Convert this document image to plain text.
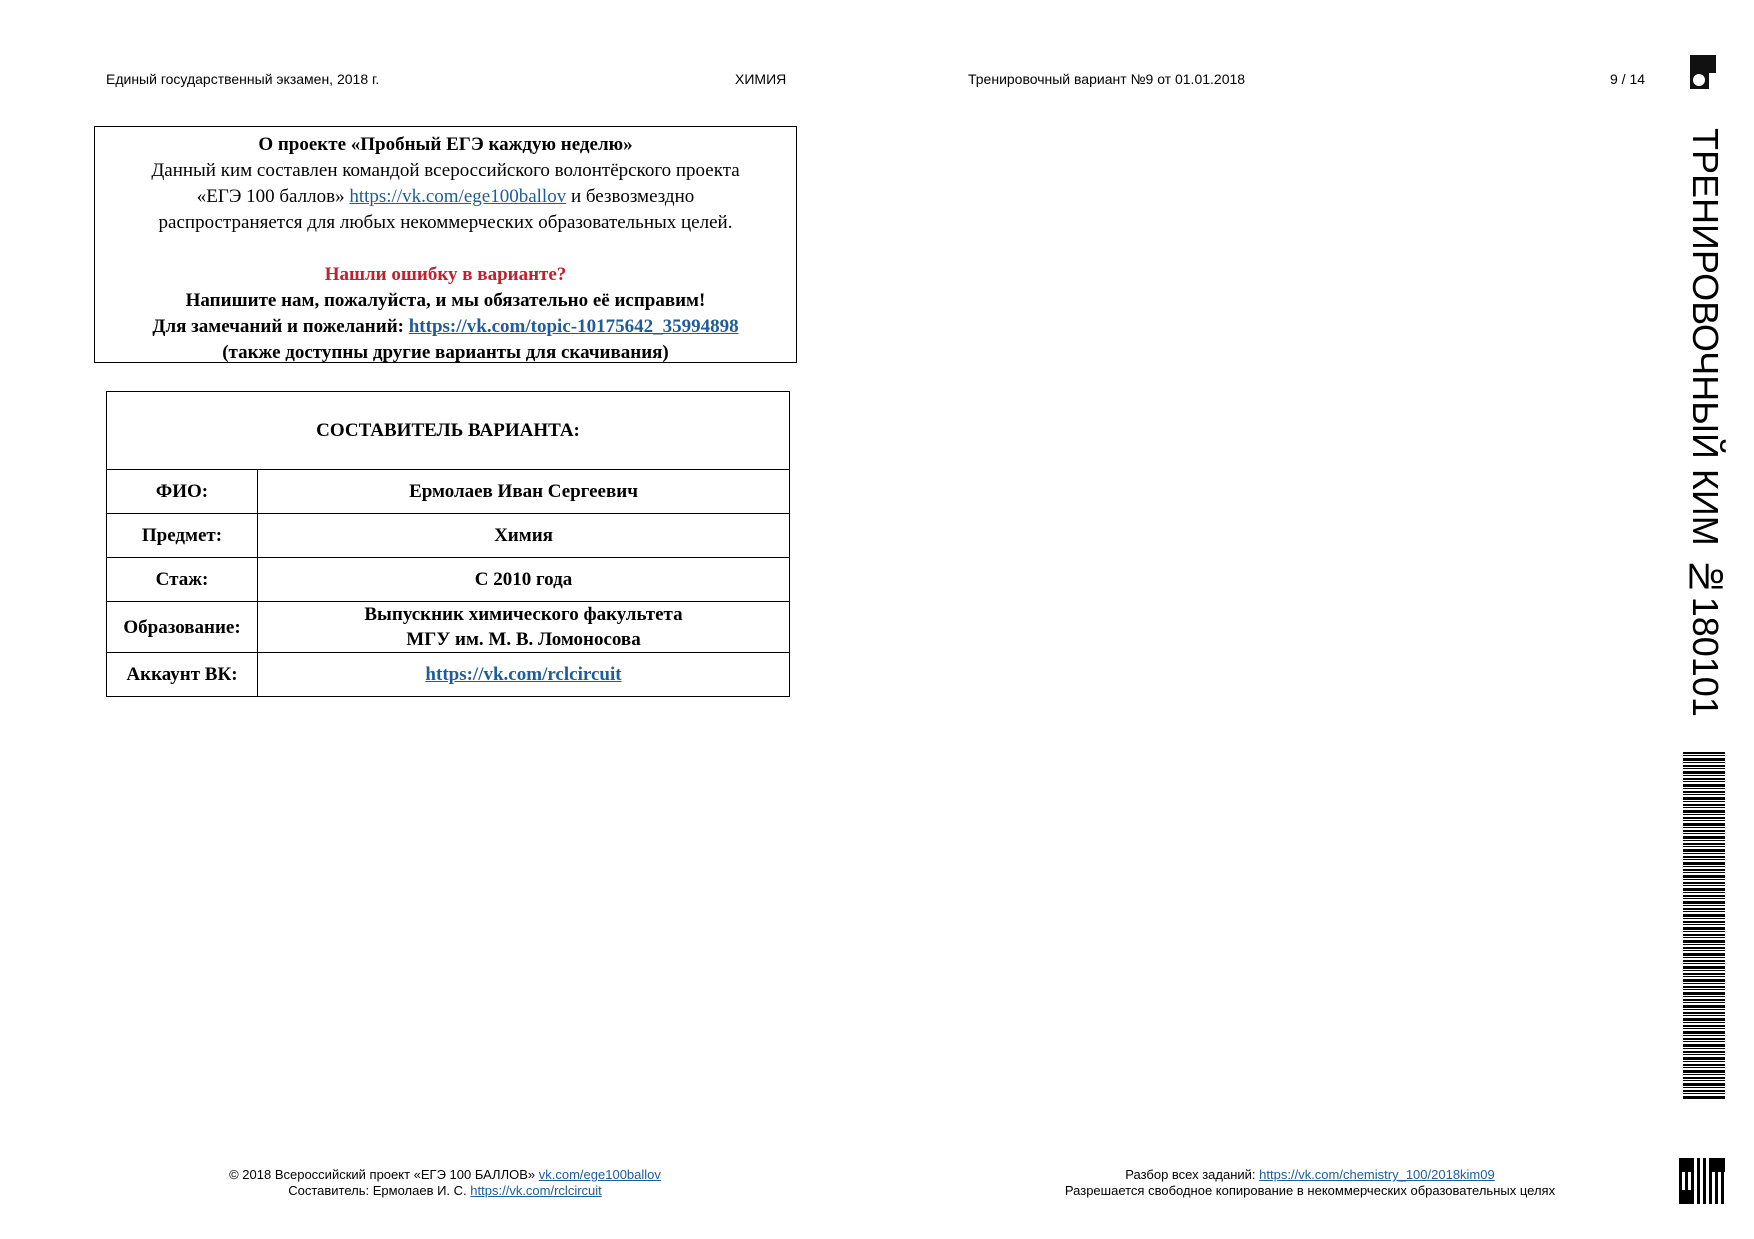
Единый государственный экзамен, 2018 г.	ХИМИЯ	Тренировочный вариант №9 от 01.01.2018	9 / 14
О проекте «Пробный ЕГЭ каждую неделю»
Данный ким составлен командой всероссийского волонтёрского проекта
«ЕГЭ 100 баллов» https://vk.com/ege100ballov и безвозмездно
распространяется для любых некоммерческих образовательных целей.
Нашли ошибку в варианте?
Напишите нам, пожалуйста, и мы обязательно её исправим!
Для замечаний и пожеланий: https://vk.com/topic-10175642_35994898
(также доступны другие варианты для скачивания)
СОСТАВИТЕЛЬ ВАРИАНТА:	
ФИО:	Ермолаев Иван Сергеевич
Предмет:	Химия
Стаж:	С 2010 года
Образование:	Выпускник химического факультета
МГУ им. М. В. Ломоносова

Аккаунт ВК:	https://vk.com/rclcircuit	ТРЕНИРОВОЧНЫЙ КИМ №180101
© 2018 Всероссийский проект «ЕГЭ 100 БАЛЛОВ» vk.com/ege100ballov
Составитель: Ермолаев И. С. https://vk.com/rclcircuit
Разбор всех заданий: https://vk.com/chemistry_100/2018kim09
Разрешается свободное копирование в некоммерческих образовательных целях
